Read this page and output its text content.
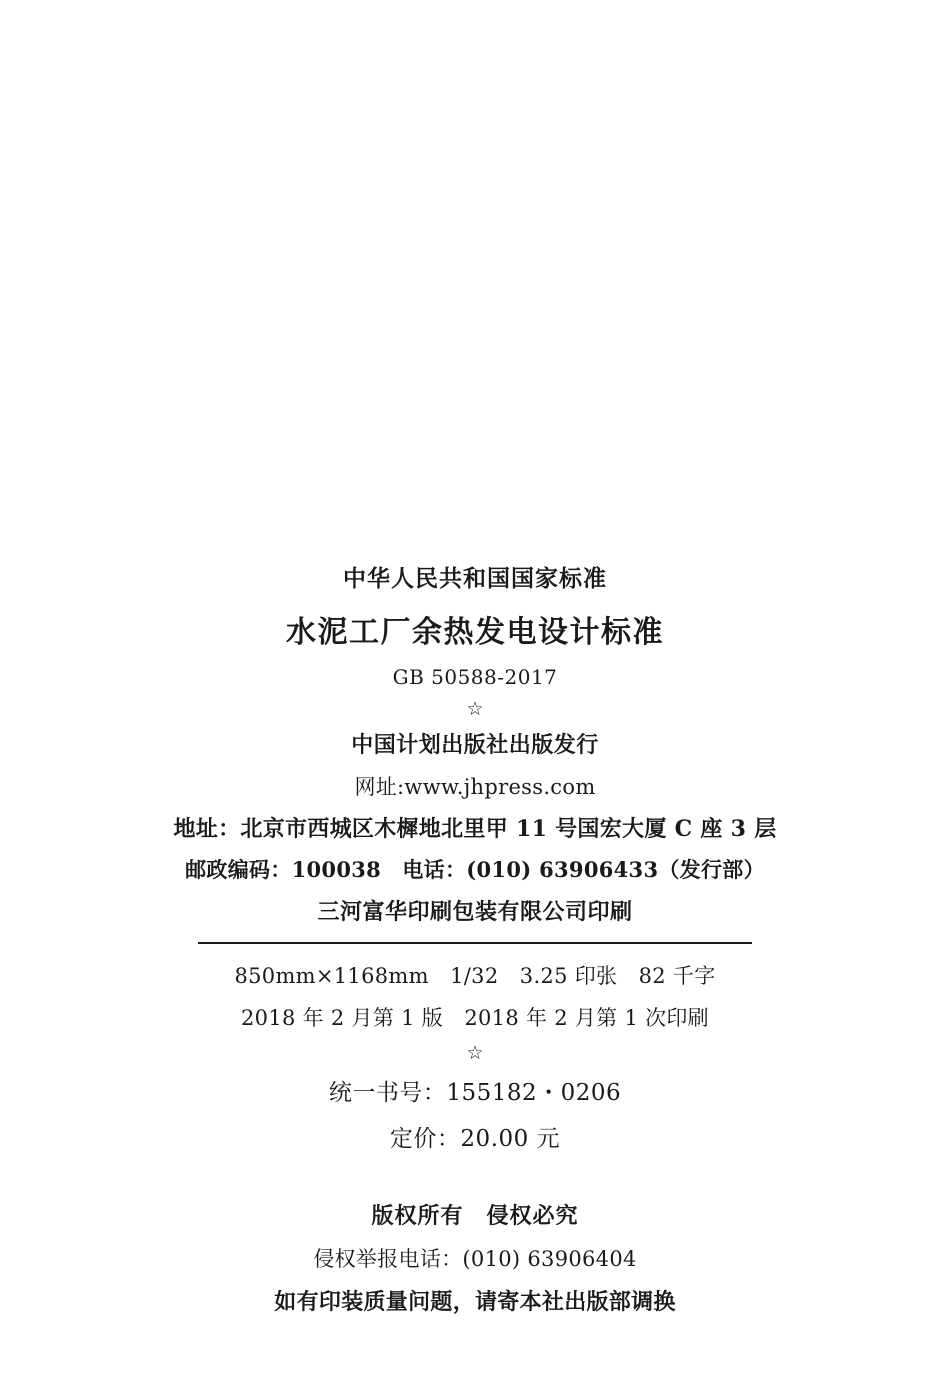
中华人民共和国国家标准
水泥工厂余热发电设计标准
GB 50588-2017
☆
中国计划出版社出版发行
网址:www.jhpress.com
地址：北京市西城区木樨地北里甲 11 号国宏大厦 C 座 3 层
邮政编码：100038　电话：(010) 63906433（发行部）
三河富华印刷包装有限公司印刷
850mm×1168mm　1/32　3.25 印张　82 千字
2018 年 2 月第 1 版　2018 年 2 月第 1 次印刷
☆
统一书号：155182・0206
定价：20.00 元
版权所有　侵权必究
侵权举报电话：(010) 63906404
如有印装质量问题，请寄本社出版部调换
